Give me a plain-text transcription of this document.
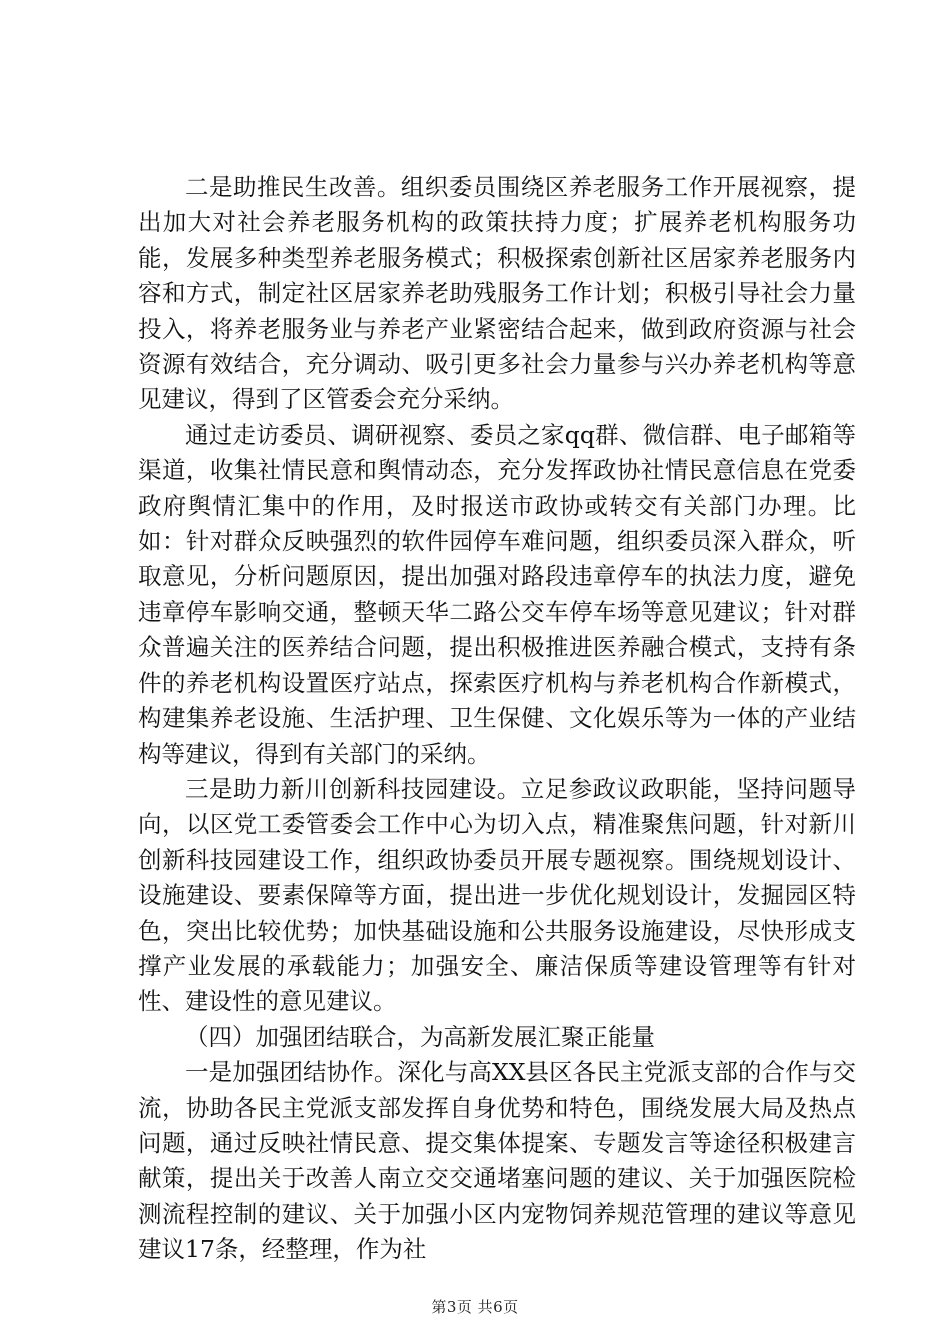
二是助推民生改善。组织委员围绕区养老服务工作开展视察，提出加大对社会养老服务机构的政策扶持力度；扩展养老机构服务功能，发展多种类型养老服务模式；积极探索创新社区居家养老服务内容和方式，制定社区居家养老助残服务工作计划；积极引导社会力量投入，将养老服务业与养老产业紧密结合起来，做到政府资源与社会资源有效结合，充分调动、吸引更多社会力量参与兴办养老机构等意见建议，得到了区管委会充分采纳。

通过走访委员、调研视察、委员之家qq群、微信群、电子邮箱等渠道，收集社情民意和舆情动态，充分发挥政协社情民意信息在党委政府舆情汇集中的作用，及时报送市政协或转交有关部门办理。比如：针对群众反映强烈的软件园停车难问题，组织委员深入群众，听取意见，分析问题原因，提出加强对路段违章停车的执法力度，避免违章停车影响交通，整顿天华二路公交车停车场等意见建议；针对群众普遍关注的医养结合问题，提出积极推进医养融合模式，支持有条件的养老机构设置医疗站点，探索医疗机构与养老机构合作新模式，构建集养老设施、生活护理、卫生保健、文化娱乐等为一体的产业结构等建议，得到有关部门的采纳。

三是助力新川创新科技园建设。立足参政议政职能，坚持问题导向，以区党工委管委会工作中心为切入点，精准聚焦问题，针对新川创新科技园建设工作，组织政协委员开展专题视察。围绕规划设计、设施建设、要素保障等方面，提出进一步优化规划设计，发掘园区特色，突出比较优势；加快基础设施和公共服务设施建设，尽快形成支撑产业发展的承载能力；加强安全、廉洁保质等建设管理等有针对性、建设性的意见建议。

（四）加强团结联合，为高新发展汇聚正能量

一是加强团结协作。深化与高XX县区各民主党派支部的合作与交流，协助各民主党派支部发挥自身优势和特色，围绕发展大局及热点问题，通过反映社情民意、提交集体提案、专题发言等途径积极建言献策，提出关于改善人南立交交通堵塞问题的建议、关于加强医院检测流程控制的建议、关于加强小区内宠物饲养规范管理的建议等意见建议17条，经整理，作为社

第3页 共6页
